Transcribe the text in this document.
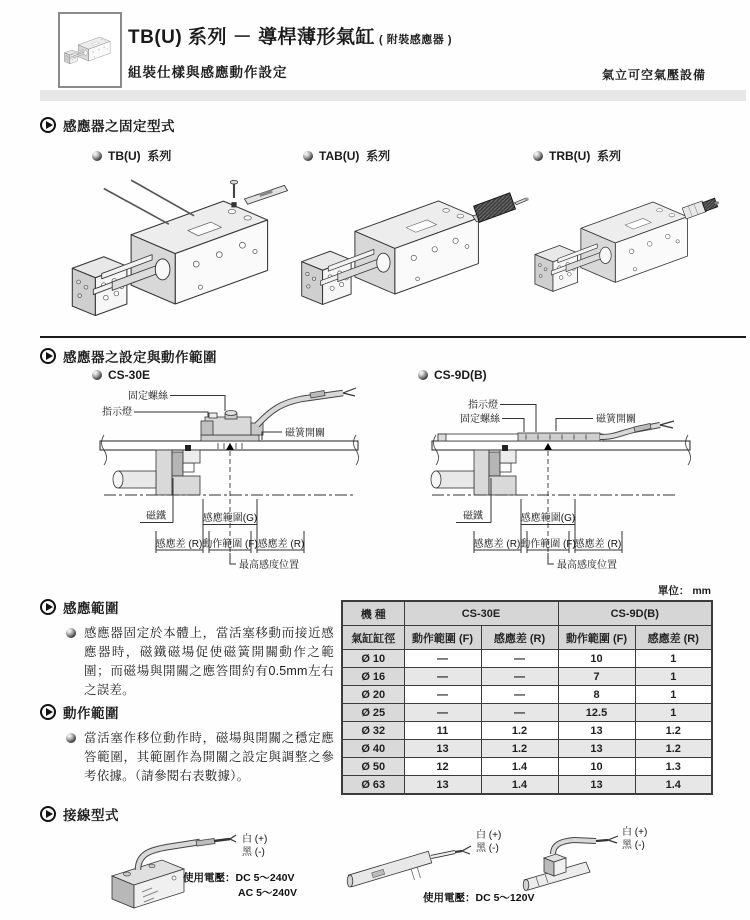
TB(U) 系列 － 導桿薄形氣缸 ( 附裝感應器 )
組裝仕樣與感應動作設定	氣立可空氣壓設備
感應器之固定型式
TB(U)  系列	TAB(U)  系列	TRB(U)  系列
感應器之設定與動作範圍
CS-30E	CS-9D(B)
固定螺絲
指示燈
磁簧開關
磁鐵	感應範圍(G)
感應差 (R) 動作範圍 (F) 感應差 (R)
最高感度位置
指示燈
固定螺絲	磁簧開關
磁鐵	感應範圍(G)
感應差 (R) 動作範圍 (F)
感應差 (R)
最高感度位置
感應範圍
感應器固定於本體上，當活塞移動而接近感應器時，磁鐵磁場促使磁簧開關動作之範圍；而磁場與開關之應答間約有0.5mm左右之誤差。
動作範圍
當活塞作移位動作時，磁場與開關之穩定應答範圍，其範圍作為開關之設定與調整之參考依據。（請參閱右表數據）。
單位： mm
機 種	CS-30E		CS-9D(B)	
氣缸缸徑	動作範圍 (F)	感應差 (R)	動作範圍 (F)	感應差 (R)
Ø 10	—	—	10	1
Ø 16	—	—	7	1
Ø 20	—	—	8	1
Ø 25	—	—	12.5	1
Ø 32	11	1.2	13	1.2
Ø 40	13	1.2	13	1.2
Ø 50	12	1.4	10	1.3
Ø 63	13	1.4	13	1.4
接線型式
白 (+)
黑 (-)
使用電壓：DC 5～240V
AC 5～240V
白 (+)
黑 (-)
使用電壓：DC 5～120V
白 (+)
黑 (-)
